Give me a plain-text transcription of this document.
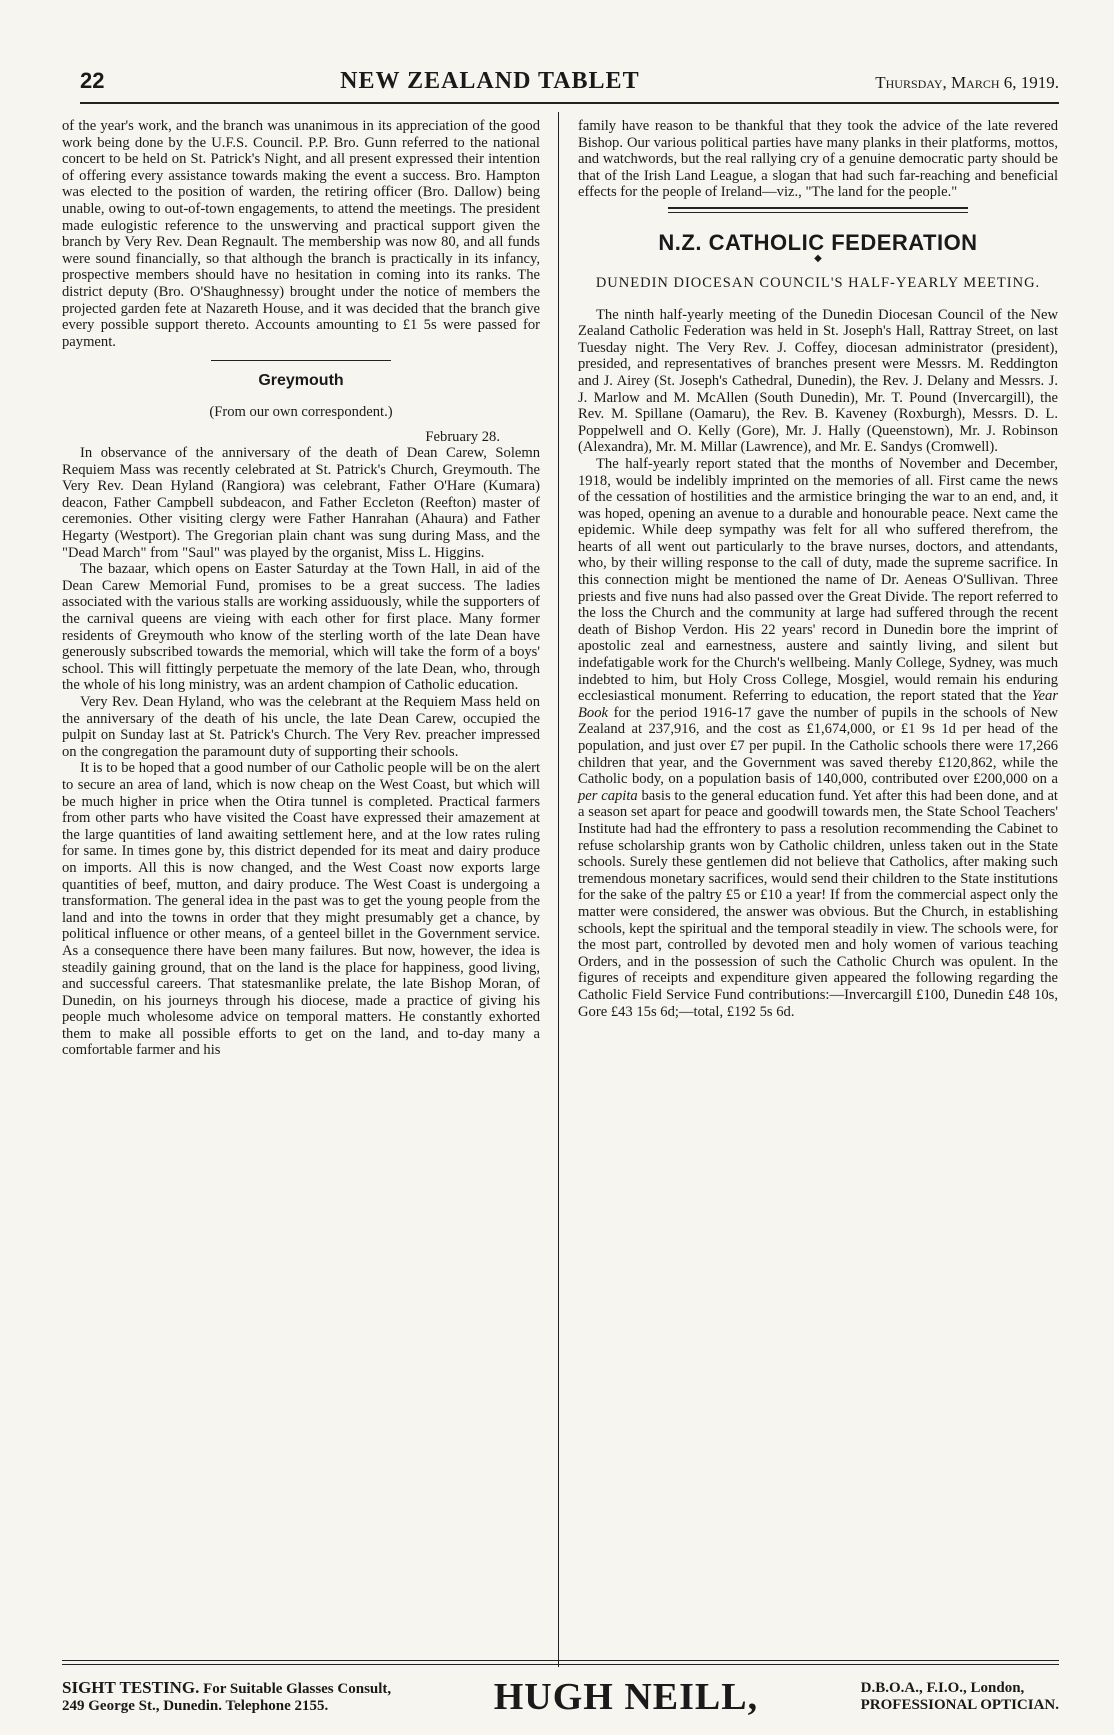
22	NEW ZEALAND TABLET	Thursday, March 6, 1919.

of the year's work, and the branch was unanimous in its appreciation of the good work being done by the U.F.S. Council. P.P. Bro. Gunn referred to the national concert to be held on St. Patrick's Night, and all present expressed their intention of offering every assistance towards making the event a success. Bro. Hampton was elected to the position of warden, the retiring officer (Bro. Dallow) being unable, owing to out-of-town engagements, to attend the meetings. The president made eulogistic reference to the unswerving and practical support given the branch by Very Rev. Dean Regnault. The membership was now 80, and all funds were sound financially, so that although the branch is practically in its infancy, prospective members should have no hesitation in coming into its ranks. The district deputy (Bro. O'Shaughnessy) brought under the notice of members the projected garden fete at Nazareth House, and it was decided that the branch give every possible support thereto. Accounts amounting to £1 5s were passed for payment.

Greymouth
(From our own correspondent.)
February 28.

In observance of the anniversary of the death of Dean Carew, Solemn Requiem Mass was recently celebrated at St. Patrick's Church, Greymouth. The Very Rev. Dean Hyland (Rangiora) was celebrant, Father O'Hare (Kumara) deacon, Father Campbell subdeacon, and Father Eccleton (Reefton) master of ceremonies. Other visiting clergy were Father Hanrahan (Ahaura) and Father Hegarty (Westport). The Gregorian plain chant was sung during Mass, and the "Dead March" from "Saul" was played by the organist, Miss L. Higgins.

The bazaar, which opens on Easter Saturday at the Town Hall, in aid of the Dean Carew Memorial Fund, promises to be a great success. The ladies associated with the various stalls are working assiduously, while the supporters of the carnival queens are vieing with each other for first place. Many former residents of Greymouth who know of the sterling worth of the late Dean have generously subscribed towards the memorial, which will take the form of a boys' school. This will fittingly perpetuate the memory of the late Dean, who, through the whole of his long ministry, was an ardent champion of Catholic education.

Very Rev. Dean Hyland, who was the celebrant at the Requiem Mass held on the anniversary of the death of his uncle, the late Dean Carew, occupied the pulpit on Sunday last at St. Patrick's Church. The Very Rev. preacher impressed on the congregation the paramount duty of supporting their schools.

It is to be hoped that a good number of our Catholic people will be on the alert to secure an area of land, which is now cheap on the West Coast, but which will be much higher in price when the Otira tunnel is completed. Practical farmers from other parts who have visited the Coast have expressed their amazement at the large quantities of land awaiting settlement here, and at the low rates ruling for same. In times gone by, this district depended for its meat and dairy produce on imports. All this is now changed, and the West Coast now exports large quantities of beef, mutton, and dairy produce. The West Coast is undergoing a transformation. The general idea in the past was to get the young people from the land and into the towns in order that they might presumably get a chance, by political influence or other means, of a genteel billet in the Government service. As a consequence there have been many failures. But now, however, the idea is steadily gaining ground, that on the land is the place for happiness, good living, and successful careers. That statesmanlike prelate, the late Bishop Moran, of Dunedin, on his journeys through his diocese, made a practice of giving his people much wholesome advice on temporal matters. He constantly exhorted them to make all possible efforts to get on the land, and to-day many a comfortable farmer and his

family have reason to be thankful that they took the advice of the late revered Bishop. Our various political parties have many planks in their platforms, mottos, and watchwords, but the real rallying cry of a genuine democratic party should be that of the Irish Land League, a slogan that had such far-reaching and beneficial effects for the people of Ireland—viz., "The land for the people."

N.Z. CATHOLIC FEDERATION
◆
DUNEDIN DIOCESAN COUNCIL'S HALF-YEARLY MEETING.

The ninth half-yearly meeting of the Dunedin Diocesan Council of the New Zealand Catholic Federation was held in St. Joseph's Hall, Rattray Street, on last Tuesday night. The Very Rev. J. Coffey, diocesan administrator (president), presided, and representatives of branches present were Messrs. M. Reddington and J. Airey (St. Joseph's Cathedral, Dunedin), the Rev. J. Delany and Messrs. J. J. Marlow and M. McAllen (South Dunedin), Mr. T. Pound (Invercargill), the Rev. M. Spillane (Oamaru), the Rev. B. Kaveney (Roxburgh), Messrs. D. L. Poppelwell and O. Kelly (Gore), Mr. J. Hally (Queenstown), Mr. J. Robinson (Alexandra), Mr. M. Millar (Lawrence), and Mr. E. Sandys (Cromwell).

The half-yearly report stated that the months of November and December, 1918, would be indelibly imprinted on the memories of all. First came the news of the cessation of hostilities and the armistice bringing the war to an end, and, it was hoped, opening an avenue to a durable and honourable peace. Next came the epidemic. While deep sympathy was felt for all who suffered therefrom, the hearts of all went out particularly to the brave nurses, doctors, and attendants, who, by their willing response to the call of duty, made the supreme sacrifice. In this connection might be mentioned the name of Dr. Aeneas O'Sullivan. Three priests and five nuns had also passed over the Great Divide. The report referred to the loss the Church and the community at large had suffered through the recent death of Bishop Verdon. His 22 years' record in Dunedin bore the imprint of apostolic zeal and earnestness, austere and saintly living, and silent but indefatigable work for the Church's wellbeing. Manly College, Sydney, was much indebted to him, but Holy Cross College, Mosgiel, would remain his enduring ecclesiastical monument. Referring to education, the report stated that the Year Book for the period 1916-17 gave the number of pupils in the schools of New Zealand at 237,916, and the cost as £1,674,000, or £1 9s 1d per head of the population, and just over £7 per pupil. In the Catholic schools there were 17,266 children that year, and the Government was saved thereby £120,862, while the Catholic body, on a population basis of 140,000, contributed over £200,000 on a per capita basis to the general education fund. Yet after this had been done, and at a season set apart for peace and goodwill towards men, the State School Teachers' Institute had had the effrontery to pass a resolution recommending the Cabinet to refuse scholarship grants won by Catholic children, unless taken out in the State schools. Surely these gentlemen did not believe that Catholics, after making such tremendous monetary sacrifices, would send their children to the State institutions for the sake of the paltry £5 or £10 a year! If from the commercial aspect only the matter were considered, the answer was obvious. But the Church, in establishing schools, kept the spiritual and the temporal steadily in view. The schools were, for the most part, controlled by devoted men and holy women of various teaching Orders, and in the possession of such the Catholic Church was opulent. In the figures of receipts and expenditure given appeared the following regarding the Catholic Field Service Fund contributions:—Invercargill £100, Dunedin £48 10s, Gore £43 15s 6d;—total, £192 5s 6d.

SIGHT TESTING. For Suitable Glasses Consult,
249 George St., Dunedin. Telephone 2155.	HUGH NEILL,	D.B.O.A., F.I.O., London,
PROFESSIONAL OPTICIAN.
